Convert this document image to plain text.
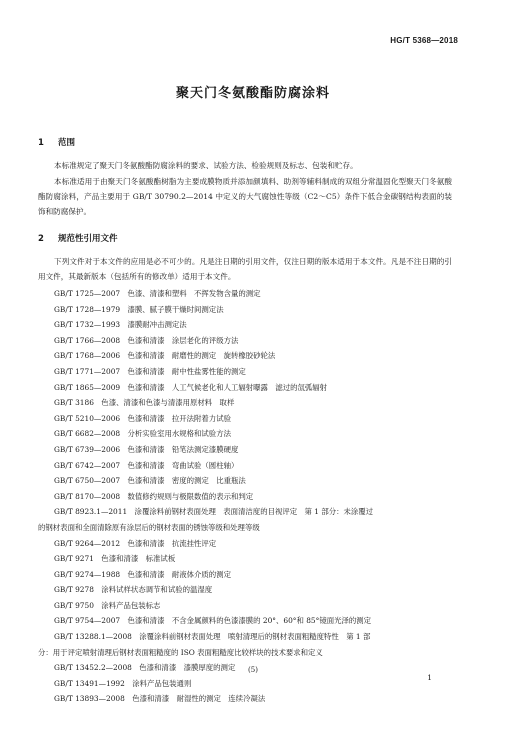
HG/T 5368—2018
聚天门冬氨酸酯防腐涂料
1 范围
本标准规定了聚天门冬氨酸酯防腐涂料的要求、试验方法、检验规则及标志、包装和贮存。
本标准适用于由聚天门冬氨酸酯树脂为主要成膜物质并添加颜填料、助剂等辅料制成的双组分常温固化型聚天门冬氨酸酯防腐涂料，产品主要用于 GB/T 30790.2—2014 中定义的大气腐蚀性等级（C2～C5）条件下低合金碳钢结构表面的装饰和防腐保护。
2 规范性引用文件
下列文件对于本文件的应用是必不可少的。凡是注日期的引用文件，仅注日期的版本适用于本文件。凡是不注日期的引用文件，其最新版本（包括所有的修改单）适用于本文件。
GB/T 1725—2007　色漆、清漆和塑料　不挥发物含量的测定
GB/T 1728—1979　漆膜、腻子膜干燥时间测定法
GB/T 1732—1993　漆膜耐冲击测定法
GB/T 1766—2008　色漆和清漆　涂层老化的评级方法
GB/T 1768—2006　色漆和清漆　耐磨性的测定　旋转橡胶砂轮法
GB/T 1771—2007　色漆和清漆　耐中性盐雾性能的测定
GB/T 1865—2009　色漆和清漆　人工气候老化和人工辐射曝露　滤过的氙弧辐射
GB/T 3186　色漆、清漆和色漆与清漆用原材料　取样
GB/T 5210—2006　色漆和清漆　拉开法附着力试验
GB/T 6682—2008　分析实验室用水规格和试验方法
GB/T 6739—2006　色漆和清漆　铅笔法测定漆膜硬度
GB/T 6742—2007　色漆和清漆　弯曲试验（圆柱轴）
GB/T 6750—2007　色漆和清漆　密度的测定　比重瓶法
GB/T 8170—2008　数值修约规则与极限数值的表示和判定
GB/T 8923.1—2011　涂覆涂料前钢材表面处理　表面清洁度的目视评定　第 1 部分：未涂覆过
的钢材表面和全面清除原有涂层后的钢材表面的锈蚀等级和处理等级
GB/T 9264—2012　色漆和清漆　抗流挂性评定
GB/T 9271　色漆和清漆　标准试板
GB/T 9274—1988　色漆和清漆　耐液体介质的测定
GB/T 9278　涂料试样状态调节和试验的温湿度
GB/T 9750　涂料产品包装标志
GB/T 9754—2007　色漆和清漆　不含金属颜料的色漆漆膜的 20°、60°和 85°镜面光泽的测定
GB/T 13288.1—2008　涂覆涂料前钢材表面处理　喷射清理后的钢材表面粗糙度特性　第 1 部
分：用于评定喷射清理后钢材表面粗糙度的 ISO 表面粗糙度比较样块的技术要求和定义
GB/T 13452.2—2008　色漆和清漆　漆膜厚度的测定
GB/T 13491—1992　涂料产品包装通则
GB/T 13893—2008　色漆和清漆　耐湿性的测定　连续冷凝法
(5)
1
